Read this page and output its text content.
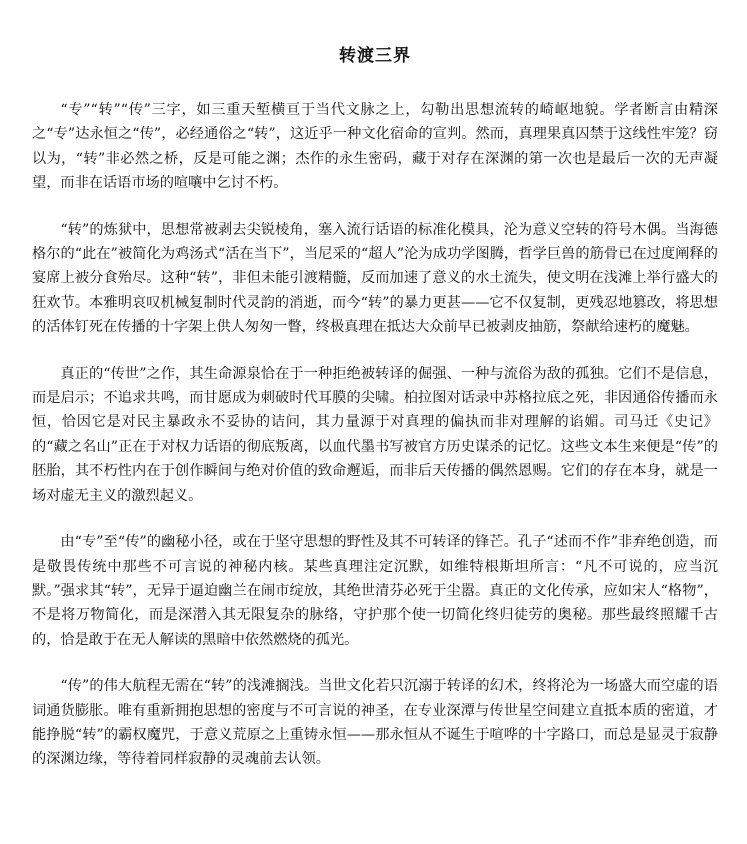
转渡三界

“专”“转”“传”三字，如三重天堑横亘于当代文脉之上，勾勒出思想流转的崎岖地貌。学者断言由精深之“专”达永恒之“传”，必经通俗之“转”，这近乎一种文化宿命的宣判。然而，真理果真囚禁于这线性牢笼？窃以为，“转”非必然之桥，反是可能之渊；杰作的永生密码，藏于对存在深渊的第一次也是最后一次的无声凝望，而非在话语市场的喧嚷中乞讨不朽。

“转”的炼狱中，思想常被剥去尖锐棱角，塞入流行话语的标准化模具，沦为意义空转的符号木偶。当海德格尔的“此在”被简化为鸡汤式“活在当下”，当尼采的“超人”沦为成功学图腾，哲学巨兽的筋骨已在过度阐释的宴席上被分食殆尽。这种“转”，非但未能引渡精髓，反而加速了意义的水土流失，使文明在浅滩上举行盛大的狂欢节。本雅明哀叹机械复制时代灵韵的消逝，而今“转”的暴力更甚——它不仅复制，更残忍地篡改，将思想的活体钉死在传播的十字架上供人匆匆一瞥，终极真理在抵达大众前早已被剥皮抽筋，祭献给速朽的魔魅。

真正的“传世”之作，其生命源泉恰在于一种拒绝被转译的倔强、一种与流俗为敌的孤独。它们不是信息，而是启示；不追求共鸣，而甘愿成为刺破时代耳膜的尖啸。柏拉图对话录中苏格拉底之死，非因通俗传播而永恒，恰因它是对民主暴政永不妥协的诘问，其力量源于对真理的偏执而非对理解的谄媚。司马迁《史记》的“藏之名山”正在于对权力话语的彻底叛离，以血代墨书写被官方历史谋杀的记忆。这些文本生来便是“传”的胚胎，其不朽性内在于创作瞬间与绝对价值的致命邂逅，而非后天传播的偶然恩赐。它们的存在本身，就是一场对虚无主义的激烈起义。

由“专”至“传”的幽秘小径，或在于坚守思想的野性及其不可转译的锋芒。孔子“述而不作”非弃绝创造，而是敬畏传统中那些不可言说的神秘内核。某些真理注定沉默，如维特根斯坦所言：“凡不可说的，应当沉默。”强求其“转”，无异于逼迫幽兰在闹市绽放，其绝世清芬必死于尘嚣。真正的文化传承，应如宋人“格物”，不是将万物简化，而是深潜入其无限复杂的脉络，守护那个使一切简化终归徒劳的奥秘。那些最终照耀千古的，恰是敢于在无人解读的黑暗中依然燃烧的孤光。

“传”的伟大航程无需在“转”的浅滩搁浅。当世文化若只沉溺于转译的幻术，终将沦为一场盛大而空虚的语词通货膨胀。唯有重新拥抱思想的密度与不可言说的神圣，在专业深潭与传世星空间建立直抵本质的密道，才能挣脱“转”的霸权魔咒，于意义荒原之上重铸永恒——那永恒从不诞生于喧哗的十字路口，而总是显灵于寂静的深渊边缘，等待着同样寂静的灵魂前去认领。
